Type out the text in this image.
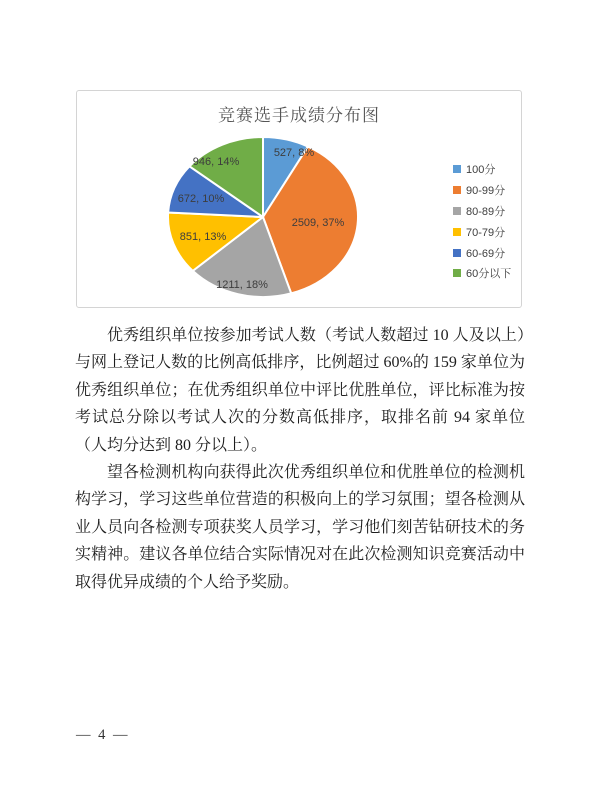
竞赛选手成绩分布图
100分
90-99分
80-89分
70-79分
60-69分
60分以下
527, 8%
2509, 37%
1211, 18%
851, 13%
672, 10%
946, 14%

优秀组织单位按参加考试人数（考试人数超过 10 人及以上）与网上登记人数的比例高低排序，比例超过 60%的 159 家单位为优秀组织单位；在优秀组织单位中评比优胜单位，评比标准为按考试总分除以考试人次的分数高低排序，取排名前 94 家单位（人均分达到 80 分以上）。

望各检测机构向获得此次优秀组织单位和优胜单位的检测机构学习，学习这些单位营造的积极向上的学习氛围；望各检测从业人员向各检测专项获奖人员学习，学习他们刻苦钻研技术的务实精神。建议各单位结合实际情况对在此次检测知识竞赛活动中取得优异成绩的个人给予奖励。

— 4 —
